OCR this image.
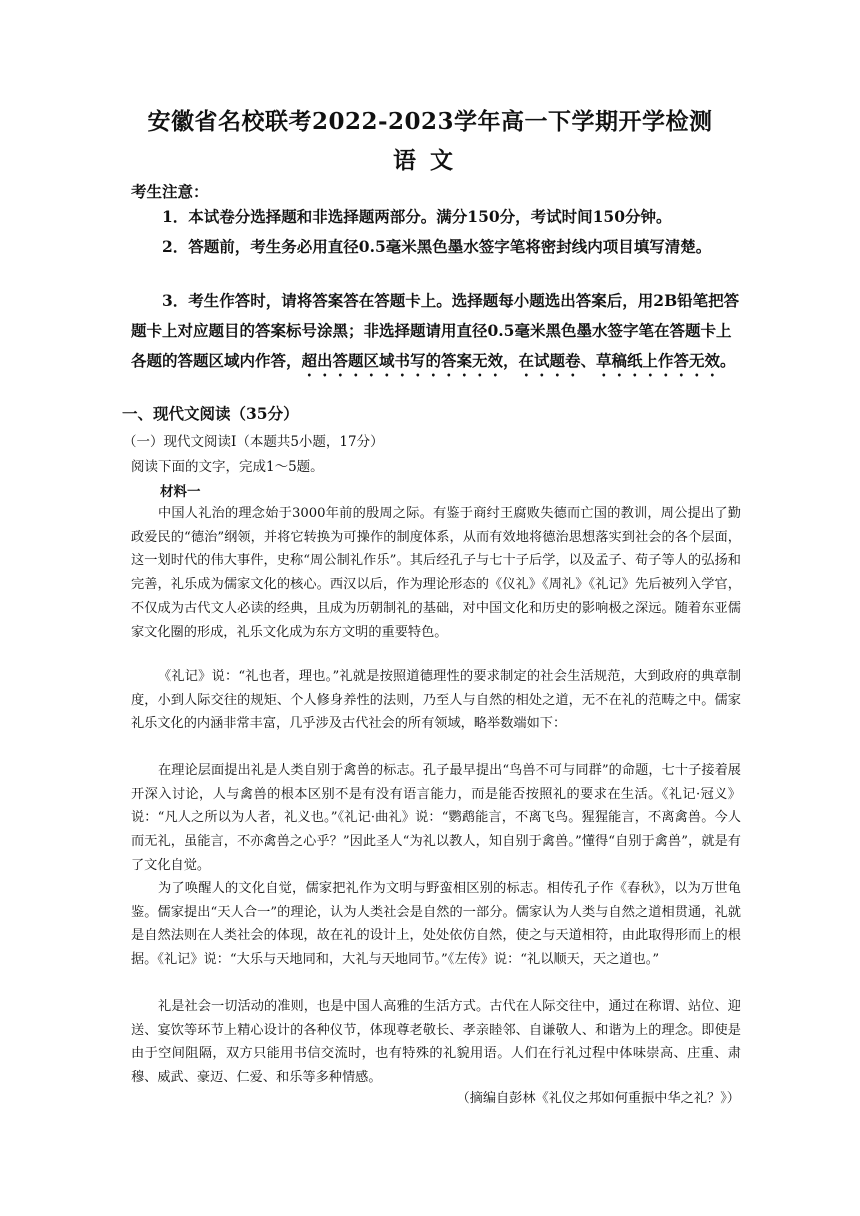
安徽省名校联考2022-2023学年高一下学期开学检测
语文
考生注意：

1．本试卷分选择题和非选择题两部分。满分150分，考试时间150分钟。

2．答题前，考生务必用直径0.5毫米黑色墨水签字笔将密封线内项目填写清楚。

3．考生作答时，请将答案答在答题卡上。选择题每小题选出答案后，用2B铅笔把答题卡上对应题目的答案标号涂黑；非选择题请用直径0.5毫米黑色墨水签字笔在答题卡上各题的答题区域内作答，超出答题区域书写的答案无效，在试题卷、草稿纸上作答无效。

一、现代文阅读（35分）
（一）现代文阅读Ⅰ（本题共5小题，17分）
阅读下面的文字，完成1～5题。
材料一

中国人礼治的理念始于3000年前的殷周之际。有鉴于商纣王腐败失德而亡国的教训，周公提出了勤政爱民的“德治”纲领，并将它转换为可操作的制度体系，从而有效地将德治思想落实到社会的各个层面，这一划时代的伟大事件，史称“周公制礼作乐”。其后经孔子与七十子后学，以及孟子、荀子等人的弘扬和完善，礼乐成为儒家文化的核心。西汉以后，作为理论形态的《仪礼》《周礼》《礼记》先后被列入学官，不仅成为古代文人必读的经典，且成为历朝制礼的基础，对中国文化和历史的影响极之深远。随着东亚儒家文化圈的形成，礼乐文化成为东方文明的重要特色。

《礼记》说：“礼也者，理也。”礼就是按照道德理性的要求制定的社会生活规范，大到政府的典章制度，小到人际交往的规矩、个人修身养性的法则，乃至人与自然的相处之道，无不在礼的范畴之中。儒家礼乐文化的内涵非常丰富，几乎涉及古代社会的所有领域，略举数端如下：

在理论层面提出礼是人类自别于禽兽的标志。孔子最早提出“鸟兽不可与同群”的命题，七十子接着展开深入讨论，人与禽兽的根本区别不是有没有语言能力，而是能否按照礼的要求在生活。《礼记·冠义》说：“凡人之所以为人者，礼义也。”《礼记·曲礼》说：“鹦鹉能言，不离飞鸟。猩猩能言，不离禽兽。今人而无礼，虽能言，不亦禽兽之心乎？”因此圣人“为礼以教人，知自别于禽兽。”懂得“自别于禽兽”，就是有了文化自觉。

为了唤醒人的文化自觉，儒家把礼作为文明与野蛮相区别的标志。相传孔子作《春秋》，以为万世龟鉴。儒家提出“天人合一”的理论，认为人类社会是自然的一部分。儒家认为人类与自然之道相贯通，礼就是自然法则在人类社会的体现，故在礼的设计上，处处依仿自然，使之与天道相符，由此取得形而上的根据。《礼记》说：“大乐与天地同和，大礼与天地同节。”《左传》说：“礼以顺天，天之道也。”

礼是社会一切活动的准则，也是中国人高雅的生活方式。古代在人际交往中，通过在称谓、站位、迎送、宴饮等环节上精心设计的各种仪节，体现尊老敬长、孝亲睦邻、自谦敬人、和谐为上的理念。即使是由于空间阻隔，双方只能用书信交流时，也有特殊的礼貌用语。人们在行礼过程中体味崇高、庄重、肃穆、威武、豪迈、仁爱、和乐等多种情感。

（摘编自彭林《礼仪之邦如何重振中华之礼？》）
